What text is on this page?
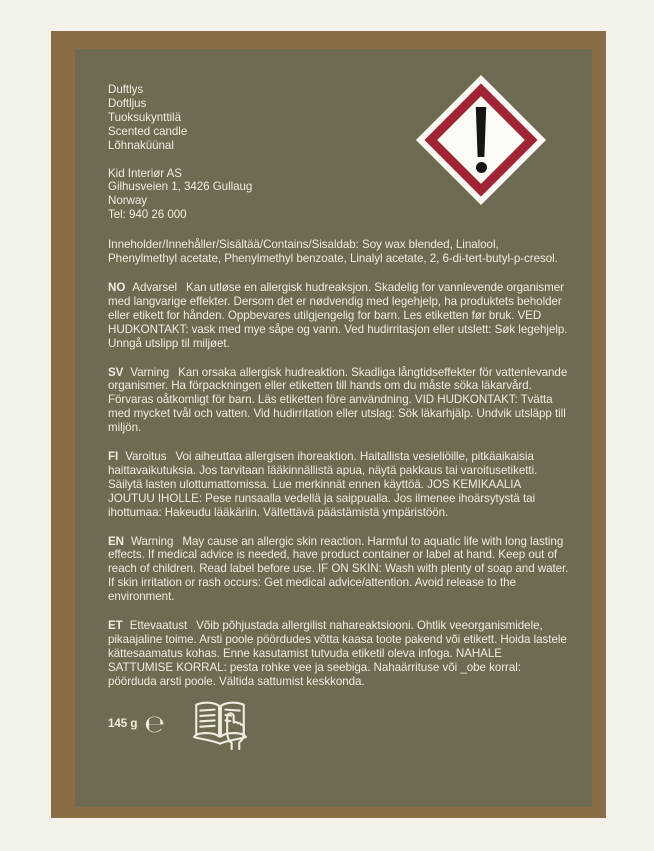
Duftlys
Doftljus
Tuoksukynttilä
Scented candle
Lõhnaküünal
Kid Interiør AS
Gilhusveien 1, 3426 Gullaug
Norway
Tel: 940 26 000

Inneholder/Innehåller/Sisältää/Contains/Sisaldab: Soy wax blended, Linalool, Phenylmethyl acetate, Phenylmethyl benzoate, Linalyl acetate, 2, 6-di-tert-butyl-p-cresol.

NO Advarsel Kan utløse en allergisk hudreaksjon. Skadelig for vannlevende organismer med langvarige effekter. Dersom det er nødvendig med legehjelp, ha produktets beholder eller etikett for hånden. Oppbevares utilgjengelig for barn. Les etiketten før bruk. VED HUDKONTAKT: vask med mye såpe og vann. Ved hudirritasjon eller utslett: Søk legehjelp. Unngå utslipp til miljøet.

SV Varning Kan orsaka allergisk hudreaktion. Skadliga långtidseffekter för vattenlevande organismer. Ha förpackningen eller etiketten till hands om du måste söka läkarvård. Förvaras oåtkomligt för barn. Läs etiketten före användning. VID HUDKONTAKT: Tvätta med mycket tvål och vatten. Vid hudirritation eller utslag: Sök läkarhjälp. Undvik utsläpp till miljön.

FI Varoitus Voi aiheuttaa allergisen ihoreaktion. Haitallista vesieliöille, pitkäaikaisia haittavaikutuksia. Jos tarvitaan lääkinnällistä apua, näytä pakkaus tai varoitusetiketti. Säilytä lasten ulottumattomissa. Lue merkinnät ennen käyttöä. JOS KEMIKAALIA JOUTUU IHOLLE: Pese runsaalla vedellä ja saippualla. Jos ilmenee ihoärsytystä tai ihottumaa: Hakeudu lääkäriin. Vältettävä päästämistä ympäristöön.

EN Warning May cause an allergic skin reaction. Harmful to aquatic life with long lasting effects. If medical advice is needed, have product container or label at hand. Keep out of reach of children. Read label before use. IF ON SKIN: Wash with plenty of soap and water. If skin irritation or rash occurs: Get medical advice/attention. Avoid release to the environment.

ET Ettevaatust Võib põhjustada allergilist nahareaktsiooni. Ohtlik veeorganismidele, pikaajaline toime. Arsti poole pöördudes võtta kaasa toote pakend või etikett. Hoida lastele kättesaamatus kohas. Enne kasutamist tutvuda etiketil oleva infoga. NAHALE SATTUMISE KORRAL: pesta rohke vee ja seebiga. Nahaärrituse või _obe korral: pöörduda arsti poole. Vältida sattumist keskkonda.

145 g ℮
